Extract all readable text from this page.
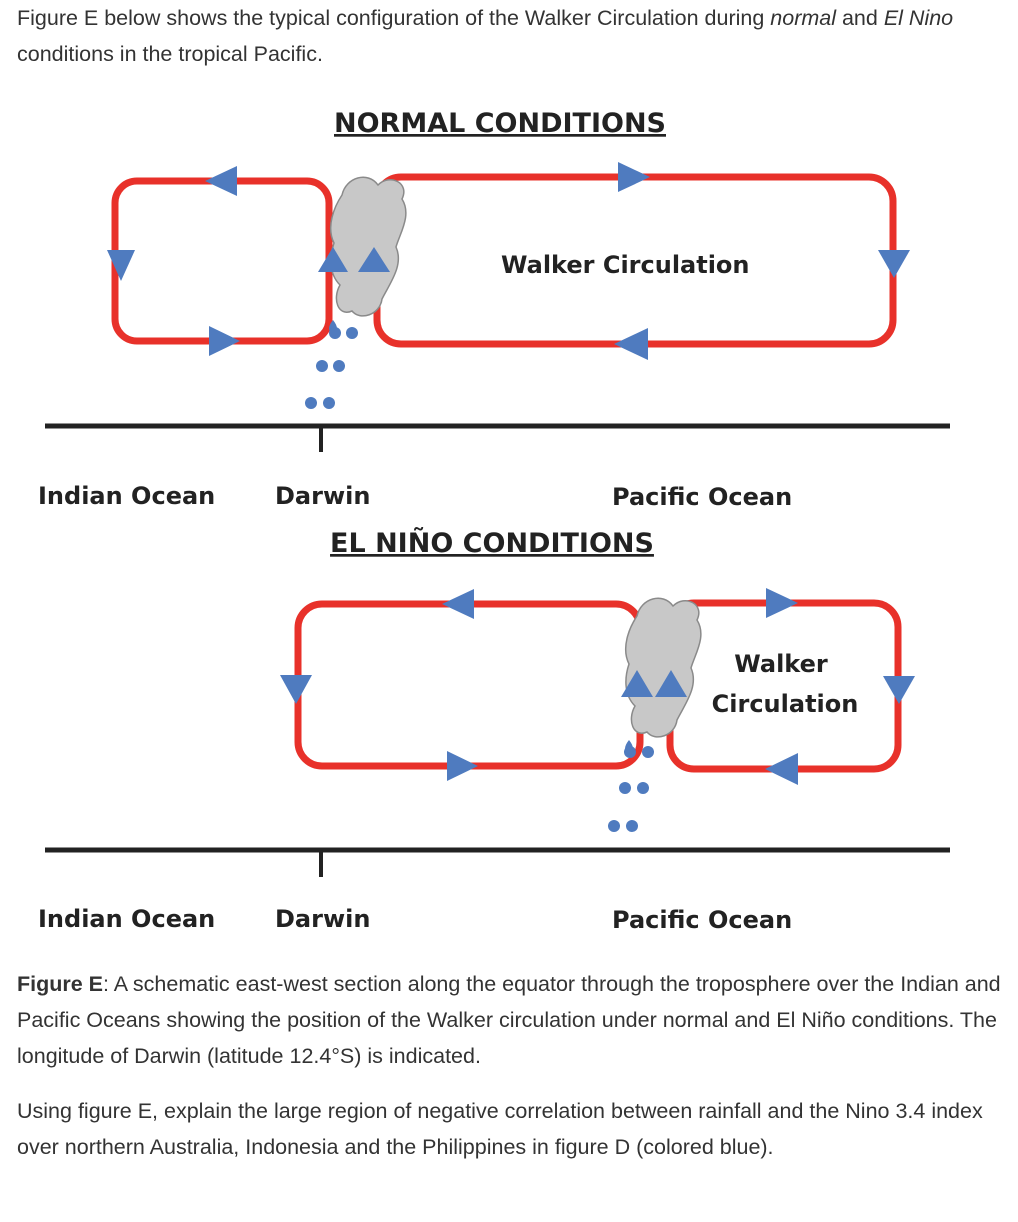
Figure E below shows the typical configuration of the Walker Circulation during normal and El Nino conditions in the tropical Pacific.

NORMAL CONDITIONS
Walker Circulation
Indian Ocean Darwin	Pacific Ocean
EL NIÑO CONDITIONS
Walker
Circulation
Indian Ocean Darwin	Pacific Ocean

Figure E: A schematic east-west section along the equator through the troposphere over the Indian and Pacific Oceans showing the position of the Walker circulation under normal and El Niño conditions. The longitude of Darwin (latitude 12.4°S) is indicated.

Using figure E, explain the large region of negative correlation between rainfall and the Nino 3.4 index over northern Australia, Indonesia and the Philippines in figure D (colored blue).
